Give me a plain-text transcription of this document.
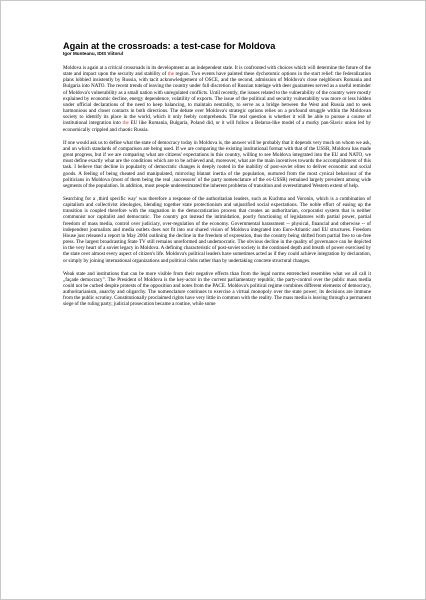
Again at the crossroads: a test-case for Moldova
Igor Munteanu, IDIS Viitorul

Moldova is again at a critical crossroads in its development as an independent state. It is confronted with choices which will determine the future of the state and impact upon the security and stability of the region. Two events have painted these dychotomic options in the start relief: the federalization plans lobbied insistently by Russia, with tacit acknowledgement of OSCE, and the second, admission of Moldova's close neighbours Romania and Bulgaria into NATO. The recent trends of leaving the country under full discretion of Russian tutelage with deer guarantees served as a useful reminder of Moldova's vulnerability as a small nation with unregulated conflicts. Until recently, the issues related to the vulnerability of the country were mostly explained by economic decline, energy dependence, volatility of exports. The issue of the political and security vulnerability was more or less hidden under official declarations of the need to keep balancing, to maintain neutrality, to serve as a bridge between the West and Russia and to seek harmonious and closer contacts in both directions. The debate over Moldova's strategic options relies on a profound struggle within the Moldovan society to identify its place in the world, which it only feebly comprehends. The real question is whether it will be able to pursue a course of institutional integration into the EU like Romania, Bulgaria, Poland did, or it will follow a Belarus-like model of a murky pan-Slavic union led by economically crippled and chaotic Russia.

If one would ask us to define what the state of democracy today in Moldova is, the answer will be probably that it depends very much on whom we ask, and on which standards of comparison are being used. If we are comparing the existing institutional format with that of the USSR, Moldova has made great progress, but if we are comparing what are citizens' expectations in this country, willing to see Moldova integrated into the EU and NATO, we must define exactly what are the conditions which are to be achieved and, moreover, what are the main incentives towards the accomplishment of this task. I believe that decline in popularity of democratic changes is deeply rooted in the inability of post-soviet elites to deliver economic and social goods. A feeling of being cheated and manipulated, mirroring blatant inertia of the population, nurtured from the most cynical behaviour of the politicians in Moldova (most of them being the real ‚successors' of the party nomenclature of the ex-USSR) remained largely prevalent among wide segments of the population. In addition, most people underestimated the inherent problems of transition and overestimated Western extent of help.

Searching for a ‚third specific way' was therefore a response of the authoritarian leaders, such as Kuchma and Voronin, which is a combination of capitalism and collectivist ideologies, blending together state protectionism and unjustified social expectations. The noble effort of easing up the transition is coupled therefore with the stagnation in the democratization process that creates an authoritarian, corporatist system that is neither communist nor capitalist and democratic. The country got instead the intimidation, poorly functioning of legislatures with partial power, partial freedom of mass media, control over judiciary, over-regulation of the economy. Governmental harassment -- physical, financial and otherwise -- of independent journalists and media outlets does not fit into our shared vision of Moldova integrated into Euro-Atlantic and EU structures. Freedom House just released a report in May 2004 outlining the decline in the freedom of expression, thus the country being shifted from partial free to un-free press. The largest broadcasting State TV still remains unreformed and undemocratic. The obvious decline in the quality of governance can be depicted in the very heart of a soviet legacy in Moldova. A defining characteristic of post-soviet society is the continued depth and breath of power exercised by the state over almost every aspect of citizen's life. Moldova's political leaders have sometimes acted as if they could achieve integration by declaration, or simply by joining international organizations and political clubs rather than by undertaking concrete structural changes.

Weak state and institutions that can be more visible from their negative effects than from the legal norms entrenched resembles what we all call it „façade democracy". The President of Moldova is the key-actor in the current parliamentary republic, the party-control over the public mass media could not be curbed despite protests of the opposition and notes from the PACE. Moldova's political regime combines different elements of democracy, authoritarianism, anarchy and oligarchy. The nomenclature continues to exercise a virtual monopoly over the state power; its decisions are immune from the public scrutiny. Constitutionally proclaimed rights have very little in common with the reality. The mass media is leaving through a permanent siege of the ruling party; judicial prosecution became a routine, while some
